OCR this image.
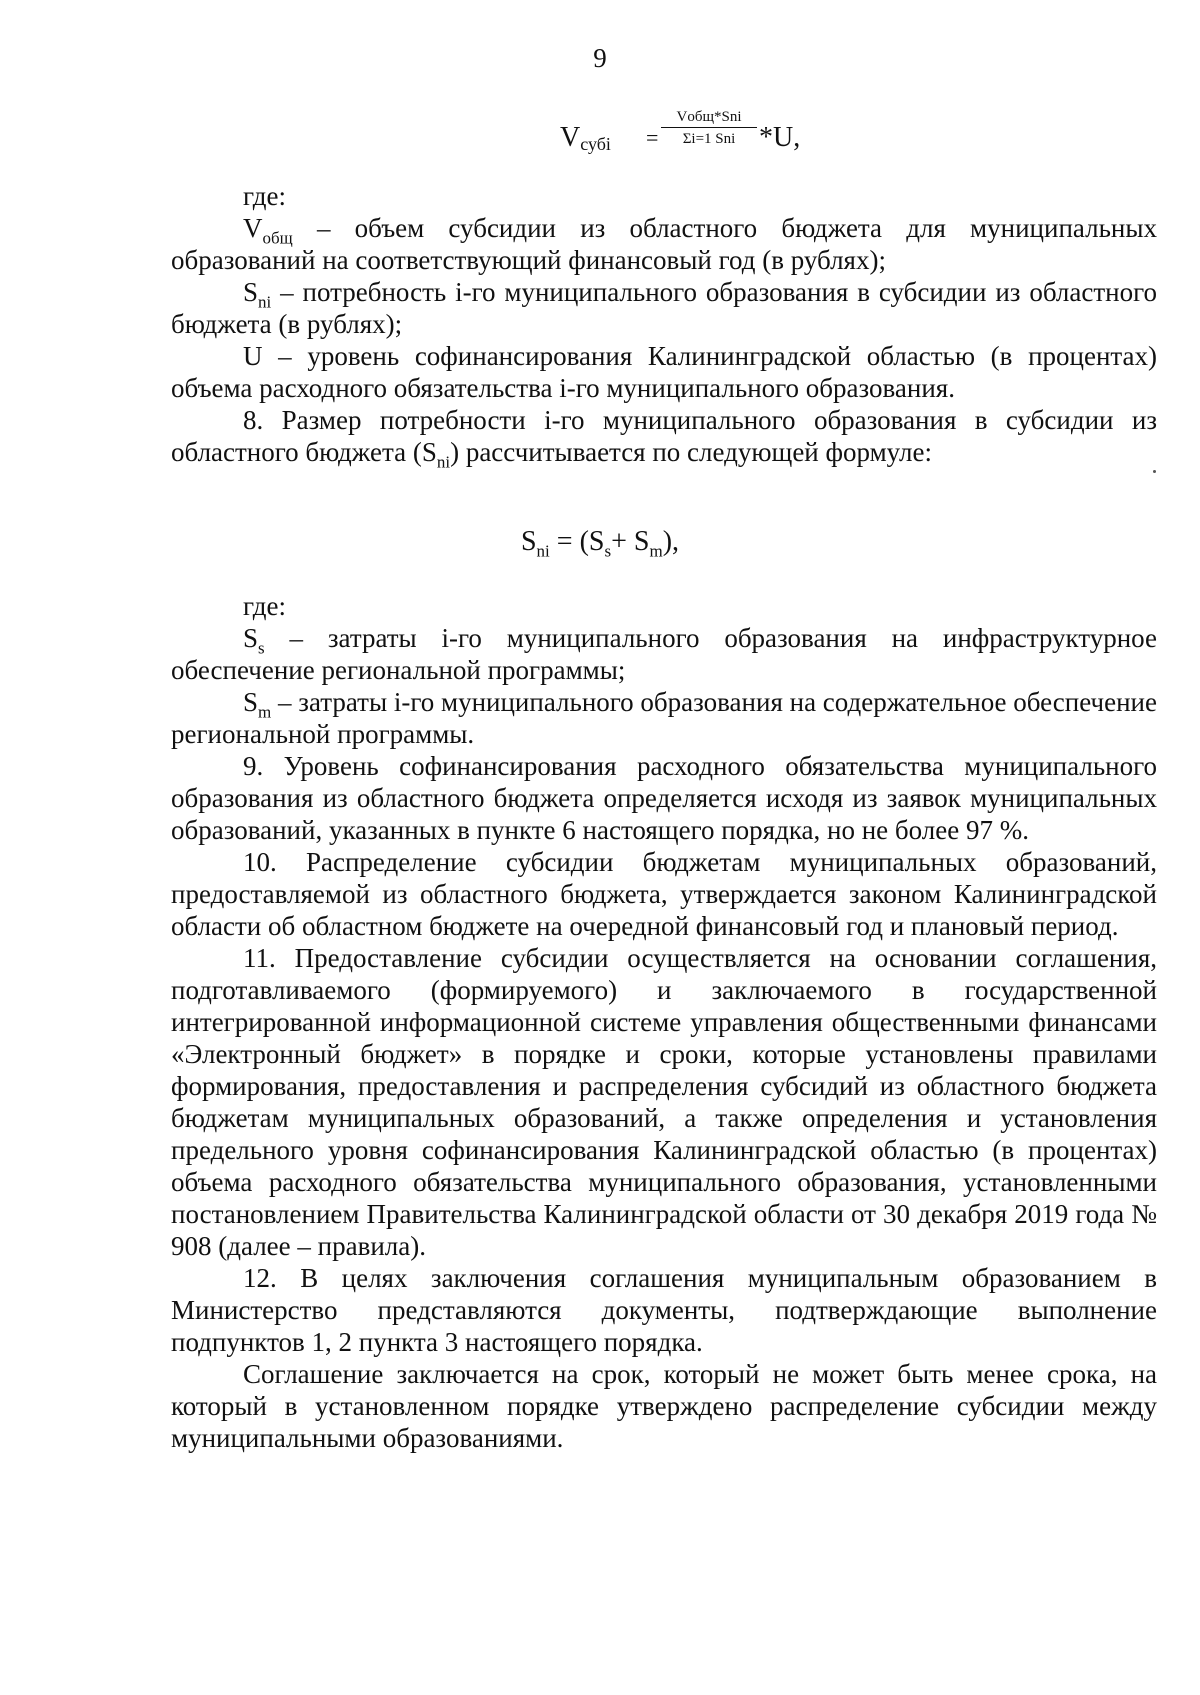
9
Vсубi =
Vобщ*Sni
Σi=1 Sni *U,
где:
$V_{общ}$ – объем субсидии из областного бюджета для муниципальных образований на соответствующий финансовый год (в рублях);
$S_{ni}$ – потребность i-го муниципального образования в субсидии из областного бюджета (в рублях);
U – уровень софинансирования Калининградской областью (в процентах) объема расходного обязательства i-го муниципального образования.
8. Размер потребности i-го муниципального образования в субсидии из областного бюджета $(S_{ni})$ рассчитывается по следующей формуле:
$S_{ni} = (S_s+ S_m)$,
где:
$S_s$ – затраты i-го муниципального образования на инфраструктурное обеспечение региональной программы;
$S_m$ – затраты i-го муниципального образования на содержательное обеспечение региональной программы.
9. Уровень софинансирования расходного обязательства муниципального образования из областного бюджета определяется исходя из заявок муниципальных образований, указанных в пункте 6 настоящего порядка, но не более 97 %.
10. Распределение субсидии бюджетам муниципальных образований, предоставляемой из областного бюджета, утверждается законом Калининградской области об областном бюджете на очередной финансовый год и плановый период.
11. Предоставление субсидии осуществляется на основании соглашения, подготавливаемого (формируемого) и заключаемого в государственной интегрированной информационной системе управления общественными финансами «Электронный бюджет» в порядке и сроки, которые установлены правилами формирования, предоставления и распределения субсидий из областного бюджета бюджетам муниципальных образований, а также определения и установления предельного уровня софинансирования Калининградской областью (в процентах) объема расходного обязательства муниципального образования, установленными постановлением Правительства Калининградской области от 30 декабря 2019 года № 908 (далее – правила).
12. В целях заключения соглашения муниципальным образованием в Министерство представляются документы, подтверждающие выполнение подпунктов 1, 2 пункта 3 настоящего порядка.
Соглашение заключается на срок, который не может быть менее срока, на который в установленном порядке утверждено распределение субсидии между муниципальными образованиями.
